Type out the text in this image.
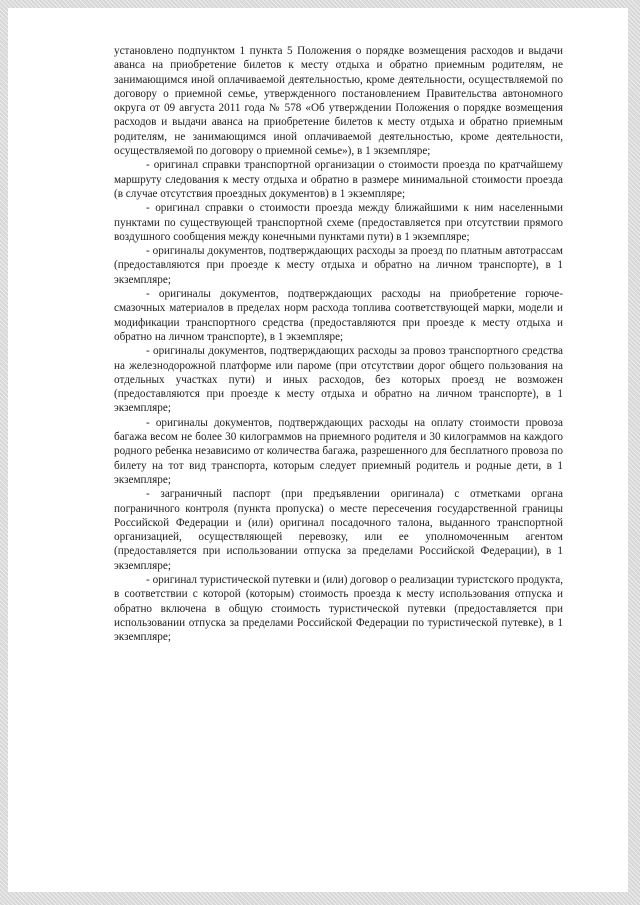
установлено подпунктом 1 пункта 5 Положения о порядке возмещения расходов и выдачи аванса на приобретение билетов к месту отдыха и обратно приемным родителям, не занимающимся иной оплачиваемой деятельностью, кроме деятельности, осуществляемой по договору о приемной семье, утвержденного постановлением Правительства автономного округа от 09 августа 2011 года № 578 «Об утверждении Положения о порядке возмещения расходов и выдачи аванса на приобретение билетов к месту отдыха и обратно приемным родителям, не занимающимся иной оплачиваемой деятельностью, кроме деятельности, осуществляемой по договору о приемной семье»), в 1 экземпляре;

- оригинал справки транспортной организации о стоимости проезда по кратчайшему маршруту следования к месту отдыха и обратно в размере минимальной стоимости проезда (в случае отсутствия проездных документов) в 1 экземпляре;

- оригинал справки о стоимости проезда между ближайшими к ним населенными пунктами по существующей транспортной схеме (предоставляется при отсутствии прямого воздушного сообщения между конечными пунктами пути) в 1 экземпляре;

- оригиналы документов, подтверждающих расходы за проезд по платным автотрассам (предоставляются при проезде к месту отдыха и обратно на личном транспорте), в 1 экземпляре;

- оригиналы документов, подтверждающих расходы на приобретение горюче-смазочных материалов в пределах норм расхода топлива соответствующей марки, модели и модификации транспортного средства (предоставляются при проезде к месту отдыха и обратно на личном транспорте), в 1 экземпляре;

- оригиналы документов, подтверждающих расходы за провоз транспортного средства на железнодорожной платформе или пароме (при отсутствии дорог общего пользования на отдельных участках пути) и иных расходов, без которых проезд не возможен (предоставляются при проезде к месту отдыха и обратно на личном транспорте), в 1 экземпляре;

- оригиналы документов, подтверждающих расходы на оплату стоимости провоза багажа весом не более 30 килограммов на приемного родителя и 30 килограммов на каждого родного ребенка независимо от количества багажа, разрешенного для бесплатного провоза по билету на тот вид транспорта, которым следует приемный родитель и родные дети, в 1 экземпляре;

- заграничный паспорт (при предъявлении оригинала) с отметками органа пограничного контроля (пункта пропуска) о месте пересечения государственной границы Российской Федерации и (или) оригинал посадочного талона, выданного транспортной организацией, осуществляющей перевозку, или ее уполномоченным агентом (предоставляется при использовании отпуска за пределами Российской Федерации), в 1 экземпляре;

- оригинал туристической путевки и (или) договор о реализации туристского продукта, в соответствии с которой (которым) стоимость проезда к месту использования отпуска и обратно включена в общую стоимость туристической путевки (предоставляется при использовании отпуска за пределами Российской Федерации по туристической путевке), в 1 экземпляре;
